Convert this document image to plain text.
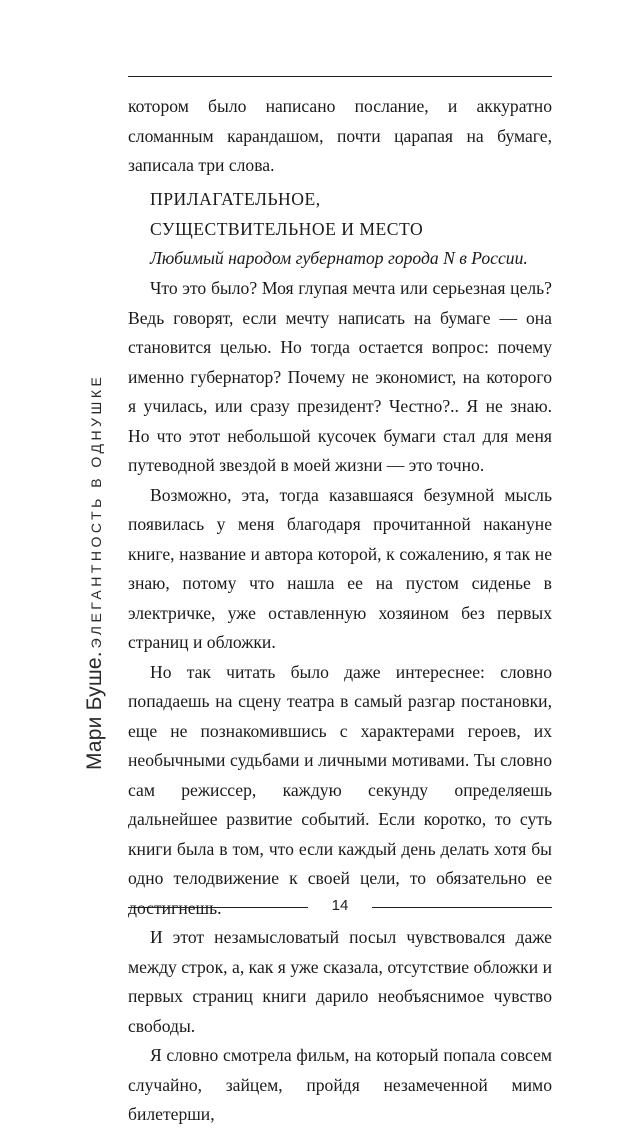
Мари Буше.ЭЛЕГАНТНОСТЬ В ОДНУШКЕ

котором было написано послание, и аккуратно сломанным карандашом, почти царапая на бумаге, записала три слова.

ПРИЛАГАТЕЛЬНОЕ,
СУЩЕСТВИТЕЛЬНОЕ И МЕСТО
Любимый народом губернатор города N в России.

Что это было? Моя глупая мечта или серьезная цель? Ведь говорят, если мечту написать на бумаге — она становится целью. Но тогда остается вопрос: почему именно губернатор? Почему не экономист, на которого я училась, или сразу президент? Честно?.. Я не знаю. Но что этот небольшой кусочек бумаги стал для меня путеводной звездой в моей жизни — это точно.

Возможно, эта, тогда казавшаяся безумной мысль появилась у меня благодаря прочитанной накануне книге, название и автора которой, к сожалению, я так не знаю, потому что нашла ее на пустом сиденье в электричке, уже оставленную хозяином без первых страниц и обложки.

Но так читать было даже интереснее: словно попадаешь на сцену театра в самый разгар постановки, еще не познакомившись с характерами героев, их необычными судьбами и личными мотивами. Ты словно сам режиссер, каждую секунду определяешь дальнейшее развитие событий. Если коротко, то суть книги была в том, что если каждый день делать хотя бы одно телодвижение к своей цели, то обязательно ее достигнешь.

И этот незамысловатый посыл чувствовался даже между строк, а, как я уже сказала, отсутствие обложки и первых страниц книги дарило необъяснимое чувство свободы.

Я словно смотрела фильм, на который попала совсем случайно, зайцем, пройдя незамеченной мимо билетерши,

14
